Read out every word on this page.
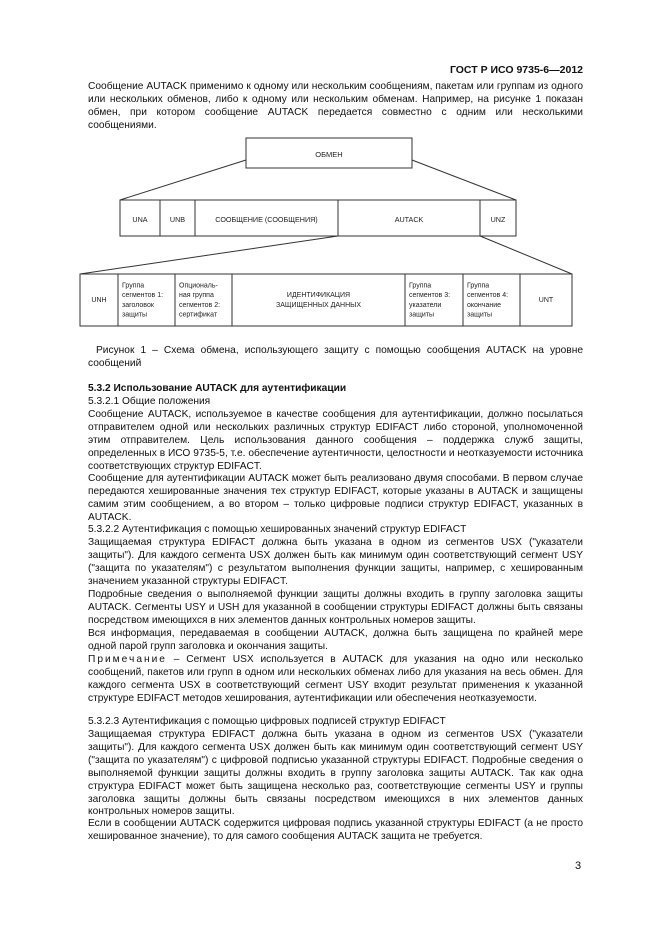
ГОСТ Р ИСО 9735-6—2012

Сообщение AUTACK применимо к одному или нескольким сообщениям, пакетам или группам из одного или нескольких обменов, либо к одному или нескольким обменам. Например, на рисунке 1 показан обмен, при котором сообщение AUTACK передается совместно с одним или несколькими сообщениями.

ОБМЕН
UNA	UNB	СООБЩЕНИЕ (СООБЩЕНИЯ)	AUTACK	UNZ
UNH
Группа
сегментов 1:
заголовок
защиты
Опциональ-
ная группа
сегментов 2:
сертификат
ИДЕНТИФИКАЦИЯ
ЗАЩИЩЕННЫХ ДАННЫХ
Группа
сегментов 3:
указатели
защиты
Группа
сегментов 4:
окончание
защиты
UNT

Рисунок 1 – Схема обмена, использующего защиту с помощью сообщения AUTACK на уровне сообщений

5.3.2 Использование AUTACK для аутентификации

5.3.2.1 Общие положения

Сообщение AUTACK, используемое в качестве сообщения для аутентификации, должно посылаться отправителем одной или нескольких различных структур EDIFACT либо стороной, уполномоченной этим отправителем. Цель использования данного сообщения – поддержка служб защиты, определенных в ИСО 9735-5, т.е. обеспечение аутентичности, целостности и неотказуемости источника соответствующих структур EDIFACT.

Сообщение для аутентификации AUTACK может быть реализовано двумя способами. В первом случае передаются хешированные значения тех структур EDIFACT, которые указаны в AUTACK и защищены самим этим сообщением, а во втором – только цифровые подписи структур EDIFACT, указанных в AUTACK.

5.3.2.2 Аутентификация с помощью хешированных значений структур EDIFACT

Защищаемая структура EDIFACT должна быть указана в одном из сегментов USX ("указатели защиты"). Для каждого сегмента USX должен быть как минимум один соответствующий сегмент USY ("защита по указателям") с результатом выполнения функции защиты, например, с хешированным значением указанной структуры EDIFACT.

Подробные сведения о выполняемой функции защиты должны входить в группу заголовка защиты AUTACK. Сегменты USY и USH для указанной в сообщении структуры EDIFACT должны быть связаны посредством имеющихся в них элементов данных контрольных номеров защиты.

Вся информация, передаваемая в сообщении AUTACK, должна быть защищена по крайней мере одной парой групп заголовка и окончания защиты.

Примечание – Сегмент USX используется в AUTACK для указания на одно или несколько сообщений, пакетов или групп в одном или нескольких обменах либо для указания на весь обмен. Для каждого сегмента USX в соответствующий сегмент USY входит результат применения к указанной структуре EDIFACT методов хеширования, аутентификации или обеспечения неотказуемости.

5.3.2.3 Аутентификация с помощью цифровых подписей структур EDIFACT

Защищаемая структура EDIFACT должна быть указана в одном из сегментов USX ("указатели защиты"). Для каждого сегмента USX должен быть как минимум один соответствующий сегмент USY ("защита по указателям") с цифровой подписью указанной структуры EDIFACT. Подробные сведения о выполняемой функции защиты должны входить в группу заголовка защиты AUTACK. Так как одна структура EDIFACT может быть защищена несколько раз, соответствующие сегменты USY и группы заголовка защиты должны быть связаны посредством имеющихся в них элементов данных контрольных номеров защиты.

Если в сообщении AUTACK содержится цифровая подпись указанной структуры EDIFACT (а не просто хешированное значение), то для самого сообщения AUTACK защита не требуется.

3
